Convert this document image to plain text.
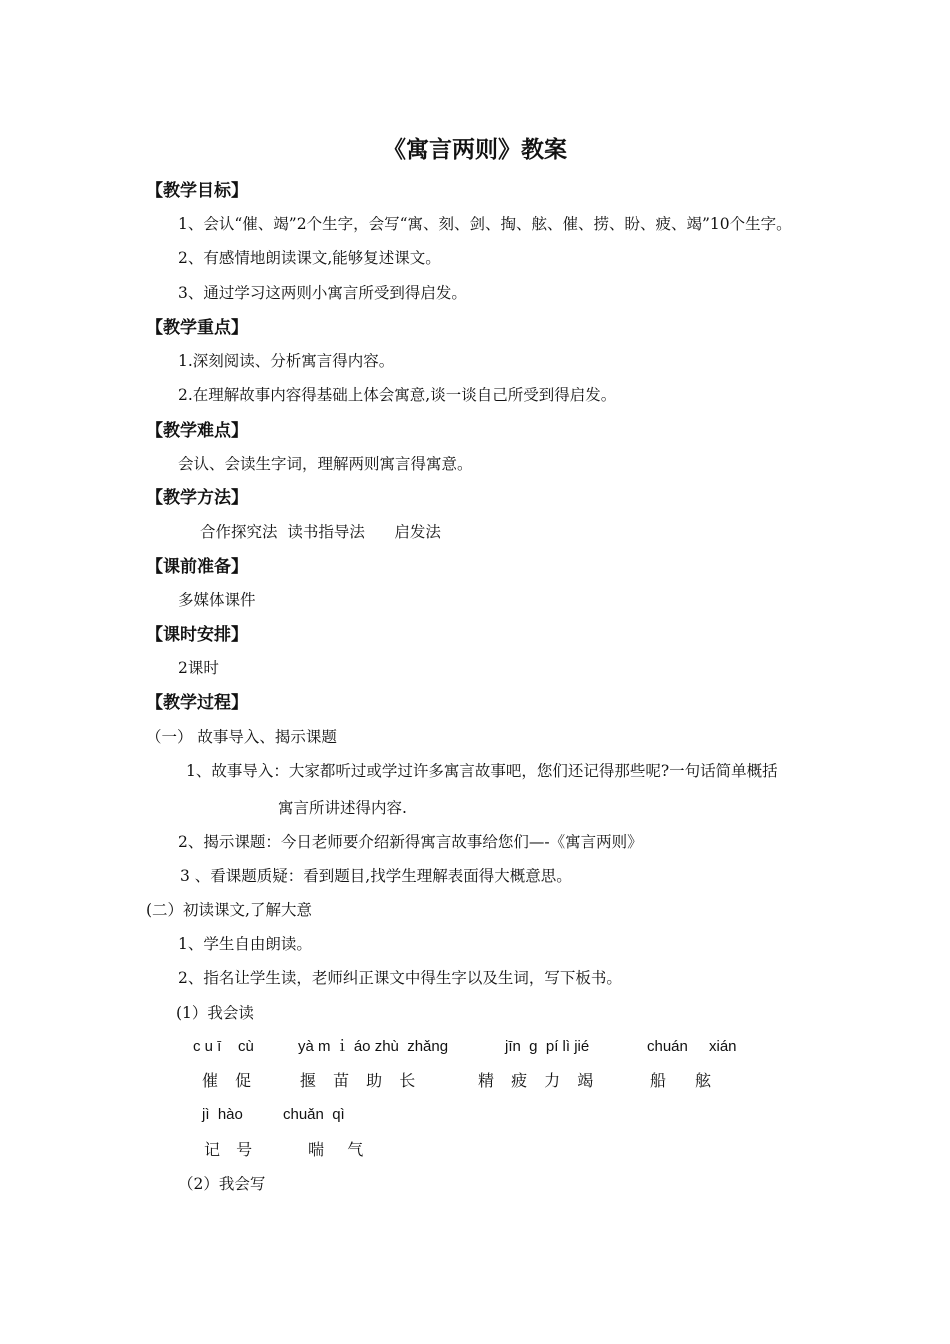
《寓言两则》教案
【教学目标】
1、会认“催、竭”2个生字，会写“寓、刻、剑、掏、舷、催、捞、盼、疲、竭”10个生字。
2、有感情地朗读课文,能够复述课文。
3、通过学习这两则小寓言所受到得启发。
【教学重点】
1.深刻阅读、分析寓言得内容。
2.在理解故事内容得基础上体会寓意,谈一谈自己所受到得启发。
【教学难点】
会认、会读生字词，理解两则寓言得寓意。
【教学方法】
合作探究法  读书指导法      启发法
【课前准备】
多媒体课件
【课时安排】
2课时
【教学过程】
（一） 故事导入、揭示课题
1、故事导入：大家都听过或学过许多寓言故事吧，您们还记得那些呢?一句话简单概括
寓言所讲述得内容.
2、揭示课题：今日老师要介绍新得寓言故事给您们—-《寓言两则》
3 、看课题质疑：看到题目,找学生理解表面得大概意思。
(二）初读课文,了解大意
1、学生自由朗读。
2、指名让学生读，老师纠正课文中得生字以及生词，写下板书。
(1）我会读
c u ī    cù	yà m ｉ áo zhù  zhǎng	jīn  g  pí lì jié	chuán xián
催 促	揠 苗 助 长	精 疲 力 竭	船 舷
jì  hào	chuǎn  qì
记  号	喘   气
（2）我会写
